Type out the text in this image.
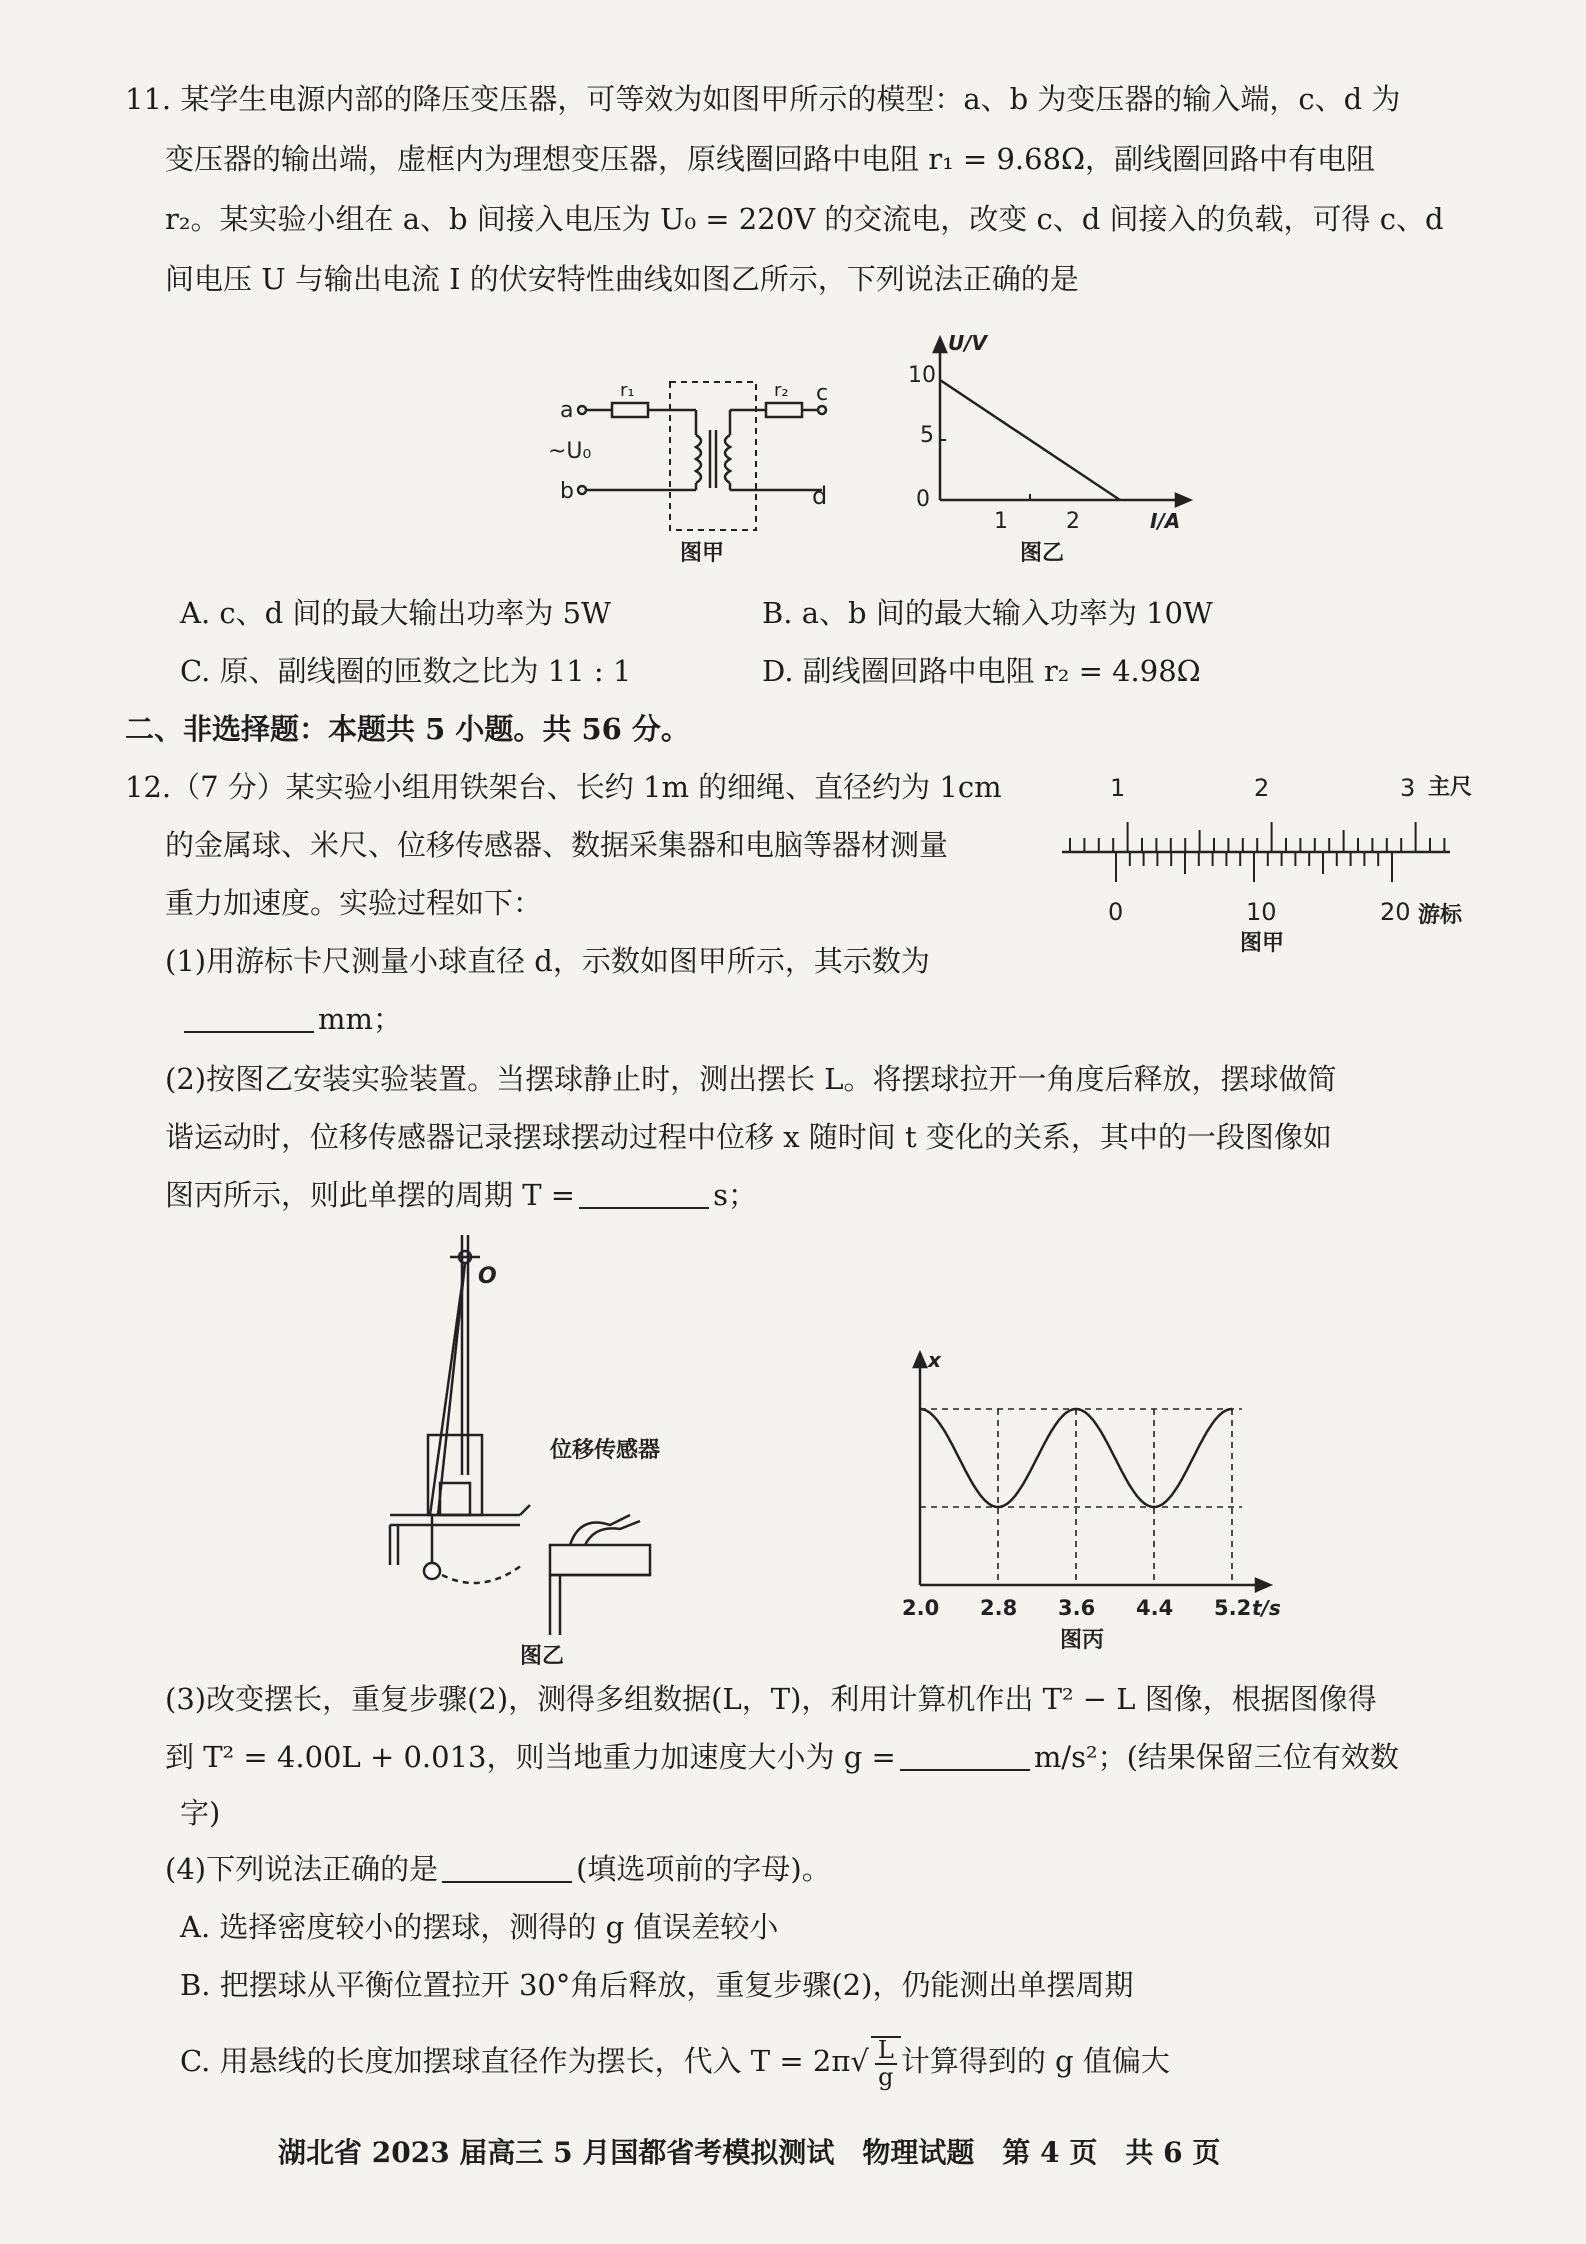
11. 某学生电源内部的降压变压器，可等效为如图甲所示的模型：a、b 为变压器的输入端，c、d 为
变压器的输出端，虚框内为理想变压器，原线圈回路中电阻 r₁ = 9.68Ω，副线圈回路中有电阻
r₂。某实验小组在 a、b 间接入电压为 U₀ = 220V 的交流电，改变 c、d 间接入的负载，可得 c、d
间电压 U 与输出电流 I 的伏安特性曲线如图乙所示，下列说法正确的是
a
b
c
d
r₁	r₂
~U₀
图甲
U/V
I/A
10
5
0
1	2
图乙
A. c、d 间的最大输出功率为 5W	B. a、b 间的最大输入功率为 10W
C. 原、副线圈的匝数之比为 11 : 1	D. 副线圈回路中电阻 r₂ = 4.98Ω
二、非选择题：本题共 5 小题。共 56 分。
12.（7 分）某实验小组用铁架台、长约 1m 的细绳、直径约为 1cm
的金属球、米尺、位移传感器、数据采集器和电脑等器材测量
重力加速度。实验过程如下：
(1)用游标卡尺测量小球直径 d，示数如图甲所示，其示数为
mm；
1	2	3 主尺
0	10	20 游标
图甲
(2)按图乙安装实验装置。当摆球静止时，测出摆长 L。将摆球拉开一角度后释放，摆球做简
谐运动时，位移传感器记录摆球摆动过程中位移 x 随时间 t 变化的关系，其中的一段图像如
图丙所示，则此单摆的周期 T =	s；
O
位移传感器
图乙
x
t/s
2.0 2.8 3.6 4.4 5.2
图丙
(3)改变摆长，重复步骤(2)，测得多组数据(L，T)，利用计算机作出 T² − L 图像，根据图像得
到 T² = 4.00L + 0.013，则当地重力加速度大小为 g =	m/s²；(结果保留三位有效数
字)
(4)下列说法正确的是	(填选项前的字母)。
A. 选择密度较小的摆球，测得的 g 值误差较小
B. 把摆球从平衡位置拉开 30°角后释放，重复步骤(2)，仍能测出单摆周期
C. 用悬线的长度加摆球直径作为摆长，代入 $T = 2\pi√ \frac{L}{g}$ 计算得到的 g 值偏大
湖北省 2023 届高三 5 月国都省考模拟测试　物理试题　第 4 页　共 6 页
